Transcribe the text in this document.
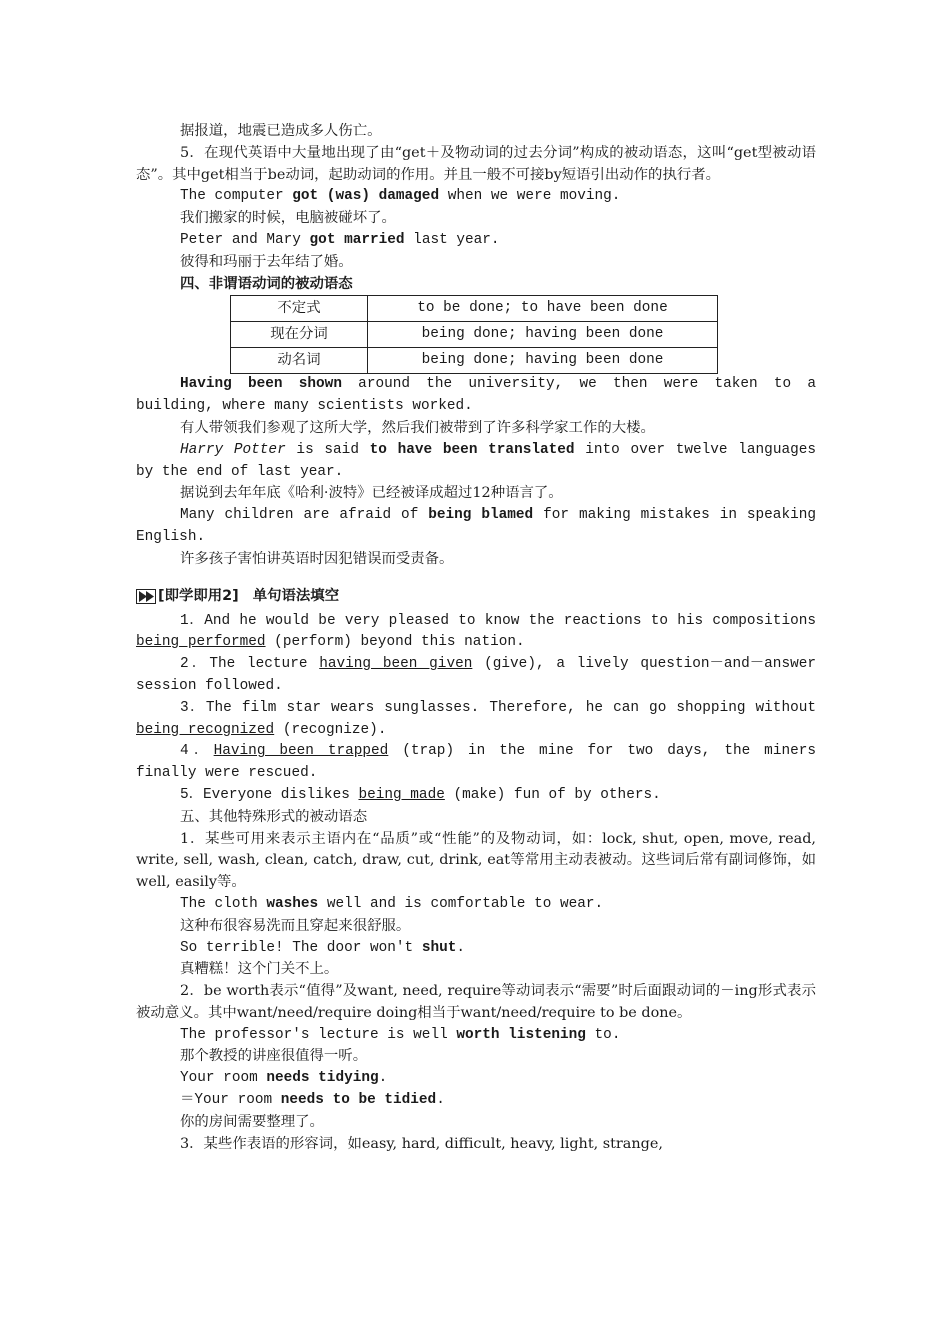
据报道，地震已造成多人伤亡。

5．在现代英语中大量地出现了由“get＋及物动词的过去分词”构成的被动语态，这叫“get型被动语态”。其中get相当于be动词，起助动词的作用。并且一般不可接by短语引出动作的执行者。

The computer got (was) damaged when we were moving.

我们搬家的时候，电脑被碰坏了。

Peter and Mary got married last year.

彼得和玛丽于去年结了婚。

四、非谓语动词的被动语态

不定式	to be done; to have been done
现在分词	being done; having been done
动名词	being done; having been done

Having been shown around the university, we then were taken to a building, where many scientists worked.

有人带领我们参观了这所大学，然后我们被带到了许多科学家工作的大楼。

Harry Potter is said to have been translated into over twelve languages by the end of last year.

据说到去年年底《哈利·波特》已经被译成超过12种语言了。

Many children are afraid of being blamed for making mistakes in speaking English.

许多孩子害怕讲英语时因犯错误而受责备。

[即学即用2] 单句语法填空

1．And he would be very pleased to know the reactions to his compositions being performed (perform) beyond this nation.

2．The lecture having been given (give), a lively question－and－answer session followed.

3．The film star wears sunglasses. Therefore, he can go shopping without being recognized (recognize).

4．Having been trapped (trap) in the mine for two days, the miners finally were rescued.

5．Everyone dislikes being made (make) fun of by others.

五、其他特殊形式的被动语态

1．某些可用来表示主语内在“品质”或“性能”的及物动词，如：lock, shut, open, move, read, write, sell, wash, clean, catch, draw, cut, drink, eat等常用主动表被动。这些词后常有副词修饰，如well, easily等。

The cloth washes well and is comfortable to wear.

这种布很容易洗而且穿起来很舒服。

So terrible! The door won't shut.

真糟糕！这个门关不上。

2．be worth表示“值得”及want, need, require等动词表示“需要”时后面跟动词的－ing形式表示被动意义。其中want/need/require doing相当于want/need/require to be done。

The professor's lecture is well worth listening to.

那个教授的讲座很值得一听。

Your room needs tidying.

＝Your room needs to be tidied.

你的房间需要整理了。

3．某些作表语的形容词，如easy, hard, difficult, heavy, light, strange,
